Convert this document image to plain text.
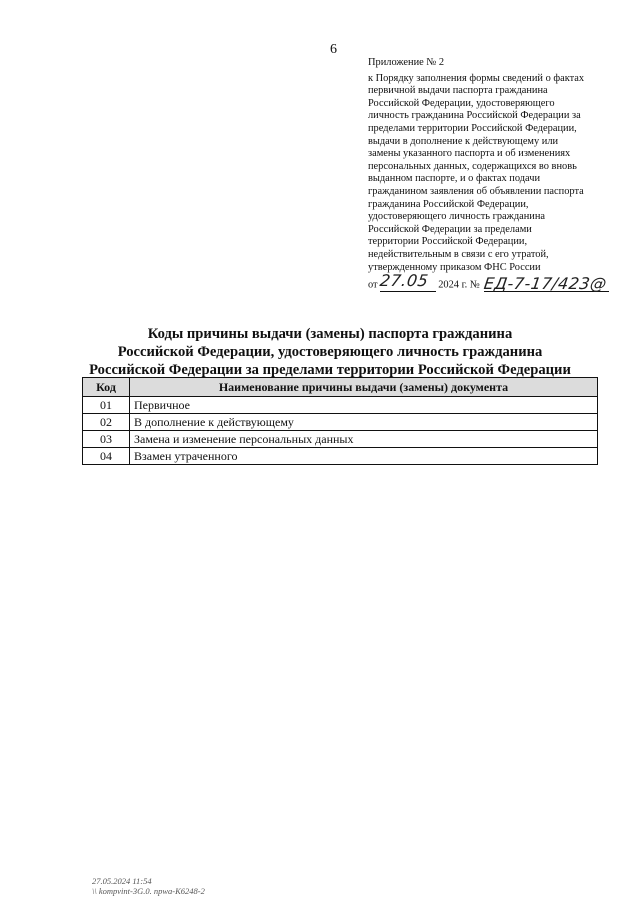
6
Приложение № 2
к Порядку заполнения формы сведений о фактах
первичной выдачи паспорта гражданина
Российской Федерации, удостоверяющего
личность гражданина Российской Федерации за
пределами территории Российской Федерации,
выдачи в дополнение к действующему или
замены указанного паспорта и об изменениях
персональных данных, содержащихся во вновь
выданном паспорте, и о фактах подачи
гражданином заявления об объявлении паспорта
гражданина Российской Федерации,
удостоверяющего личность гражданина
Российской Федерации за пределами
территории Российской Федерации,
недействительным в связи с его утратой,
утвержденному приказом ФНС России
от27.05 2024 г. № ЕД-7-17/423@
Коды причины выдачи (замены) паспорта гражданина
Российской Федерации, удостоверяющего личность гражданина
Российской Федерации за пределами территории Российской Федерации
Код	Наименование причины выдачи (замены) документа
01	Первичное
02	В дополнение к действующему
03	Замена и изменение персональных данных
04	Взамен утраченного
27.05.2024 11:54
\\ kompvint-3G.0. npwa-K6248-2
